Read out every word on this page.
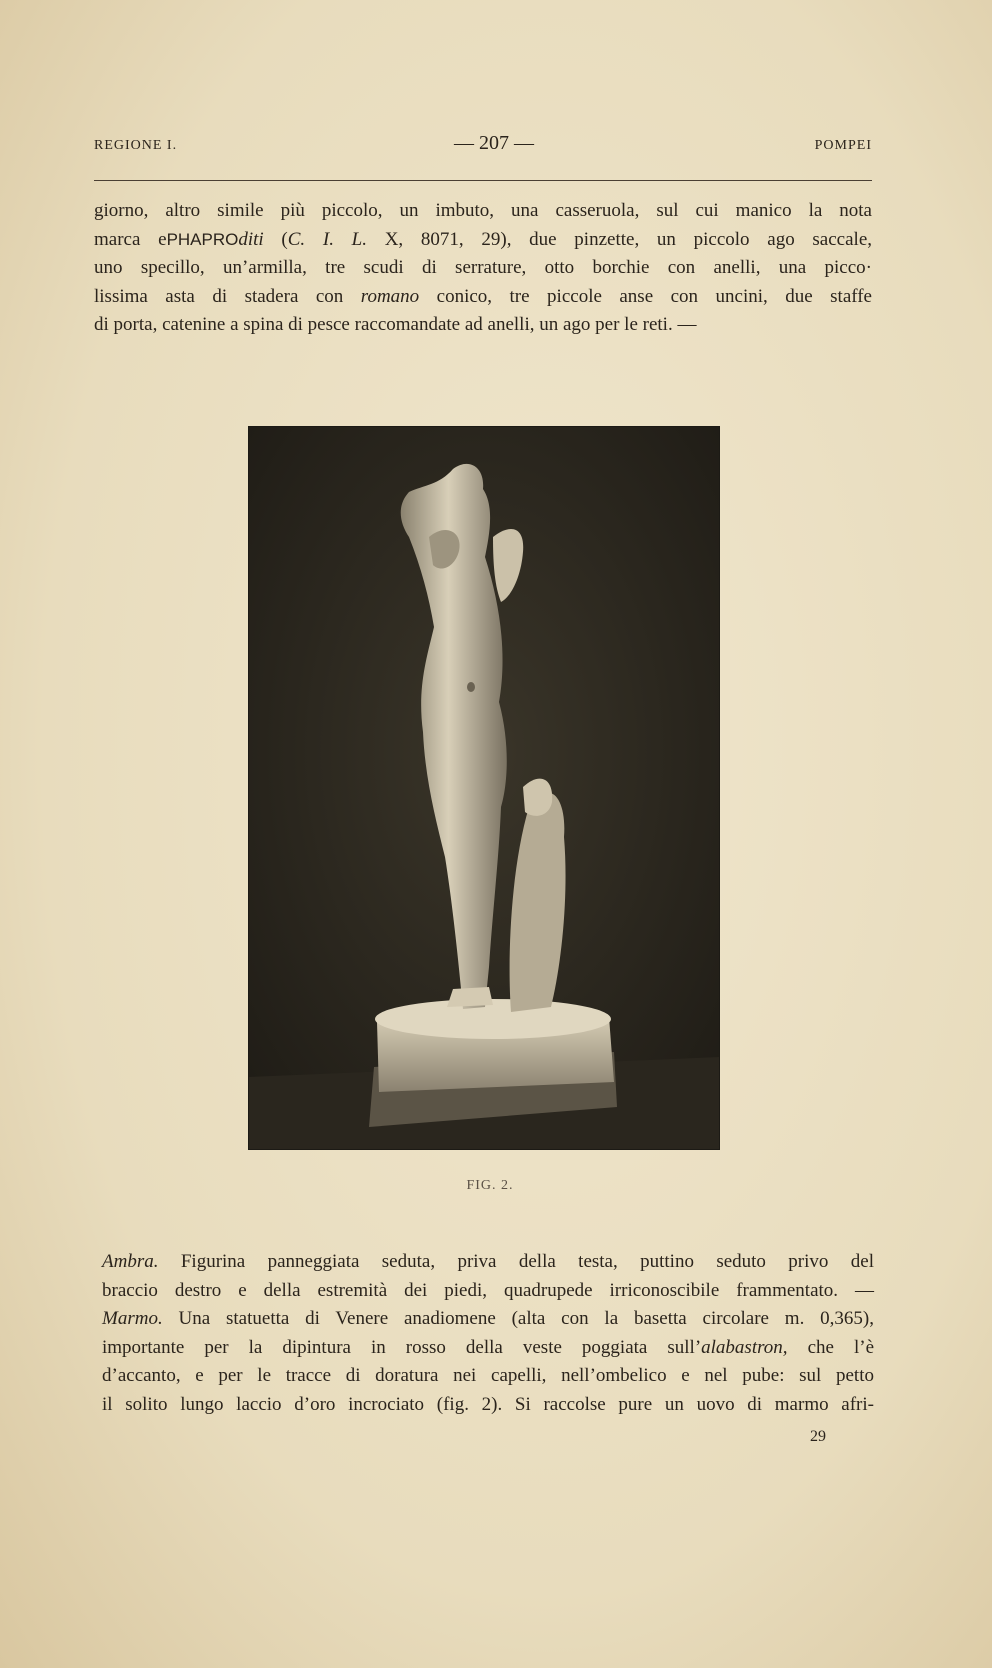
REGIONE I.	— 207 —	POMPEI
giorno, altro simile più piccolo, un imbuto, una casseruola, sul cui manico la nota
marca ePHAPROditi (C. I. L. X, 8071, 29), due pinzette, un piccolo ago saccale,
uno specillo, un’armilla, tre scudi di serrature, otto borchie con anelli, una picco·
lissima asta di stadera con romano conico, tre piccole anse con uncini, due staffe
di porta, catenine a spina di pesce raccomandate ad anelli, un ago per le reti. —
FIG. 2.
Ambra. Figurina panneggiata seduta, priva della testa, puttino seduto privo del
braccio destro e della estremità dei piedi, quadrupede irriconoscibile frammentato. —
Marmo. Una statuetta di Venere anadiomene (alta con la basetta circolare m. 0,365),
importante per la dipintura in rosso della veste poggiata sull’alabastron, che l’è
d’accanto, e per le tracce di doratura nei capelli, nell’ombelico e nel pube: sul petto
il solito lungo laccio d’oro incrociato (fig. 2). Si raccolse pure un uovo di marmo afri-
29
